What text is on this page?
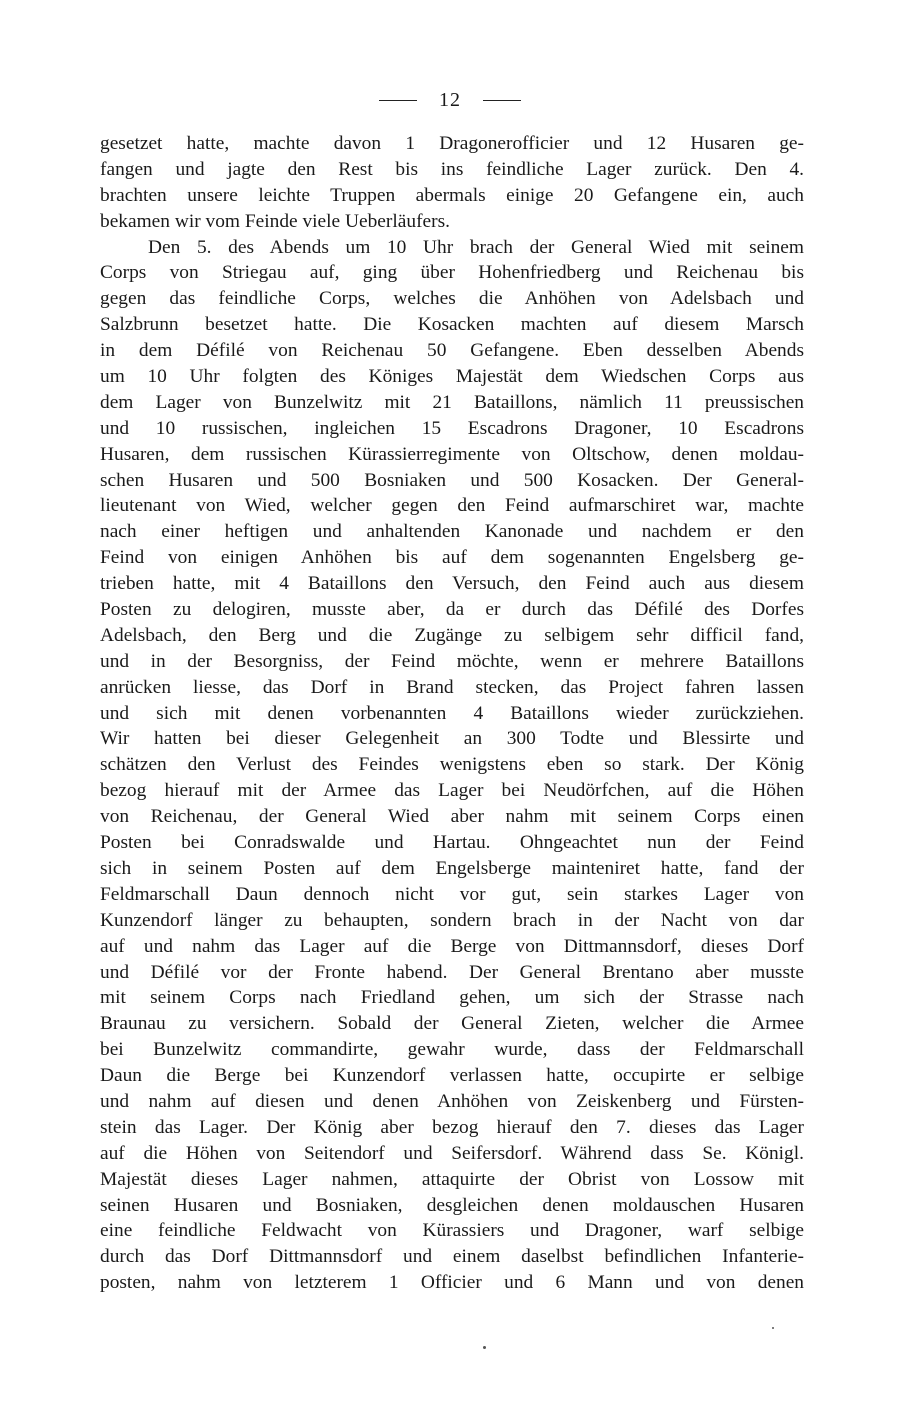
12
gesetzet hatte, machte davon 1 Dragonerofficier und 12 Husaren ge-
fangen und jagte den Rest bis ins feindliche Lager zurück. Den 4.
brachten unsere leichte Truppen abermals einige 20 Gefangene ein, auch
bekamen wir vom Feinde viele Ueberläufers.
Den 5. des Abends um 10 Uhr brach der General Wied mit seinem
Corps von Striegau auf, ging über Hohenfriedberg und Reichenau bis
gegen das feindliche Corps, welches die Anhöhen von Adelsbach und
Salzbrunn besetzet hatte. Die Kosacken machten auf diesem Marsch
in dem Défilé von Reichenau 50 Gefangene. Eben desselben Abends
um 10 Uhr folgten des Königes Majestät dem Wiedschen Corps aus
dem Lager von Bunzelwitz mit 21 Bataillons, nämlich 11 preussischen
und 10 russischen, ingleichen 15 Escadrons Dragoner, 10 Escadrons
Husaren, dem russischen Kürassierregimente von Oltschow, denen moldau-
schen Husaren und 500 Bosniaken und 500 Kosacken. Der General-
lieutenant von Wied, welcher gegen den Feind aufmarschiret war, machte
nach einer heftigen und anhaltenden Kanonade und nachdem er den
Feind von einigen Anhöhen bis auf dem sogenannten Engelsberg ge-
trieben hatte, mit 4 Bataillons den Versuch, den Feind auch aus diesem
Posten zu delogiren, musste aber, da er durch das Défilé des Dorfes
Adelsbach, den Berg und die Zugänge zu selbigem sehr difficil fand,
und in der Besorgniss, der Feind möchte, wenn er mehrere Bataillons
anrücken liesse, das Dorf in Brand stecken, das Project fahren lassen
und sich mit denen vorbenannten 4 Bataillons wieder zurückziehen.
Wir hatten bei dieser Gelegenheit an 300 Todte und Blessirte und
schätzen den Verlust des Feindes wenigstens eben so stark. Der König
bezog hierauf mit der Armee das Lager bei Neudörfchen, auf die Höhen
von Reichenau, der General Wied aber nahm mit seinem Corps einen
Posten bei Conradswalde und Hartau. Ohngeachtet nun der Feind
sich in seinem Posten auf dem Engelsberge mainteniret hatte, fand der
Feldmarschall Daun dennoch nicht vor gut, sein starkes Lager von
Kunzendorf länger zu behaupten, sondern brach in der Nacht von dar
auf und nahm das Lager auf die Berge von Dittmannsdorf, dieses Dorf
und Défilé vor der Fronte habend. Der General Brentano aber musste
mit seinem Corps nach Friedland gehen, um sich der Strasse nach
Braunau zu versichern. Sobald der General Zieten, welcher die Armee
bei Bunzelwitz commandirte, gewahr wurde, dass der Feldmarschall
Daun die Berge bei Kunzendorf verlassen hatte, occupirte er selbige
und nahm auf diesen und denen Anhöhen von Zeiskenberg und Fürsten-
stein das Lager. Der König aber bezog hierauf den 7. dieses das Lager
auf die Höhen von Seitendorf und Seifersdorf. Während dass Se. Königl.
Majestät dieses Lager nahmen, attaquirte der Obrist von Lossow mit
seinen Husaren und Bosniaken, desgleichen denen moldauschen Husaren
eine feindliche Feldwacht von Kürassiers und Dragoner, warf selbige
durch das Dorf Dittmannsdorf und einem daselbst befindlichen Infanterie-
posten, nahm von letzterem 1 Officier und 6 Mann und von denen
